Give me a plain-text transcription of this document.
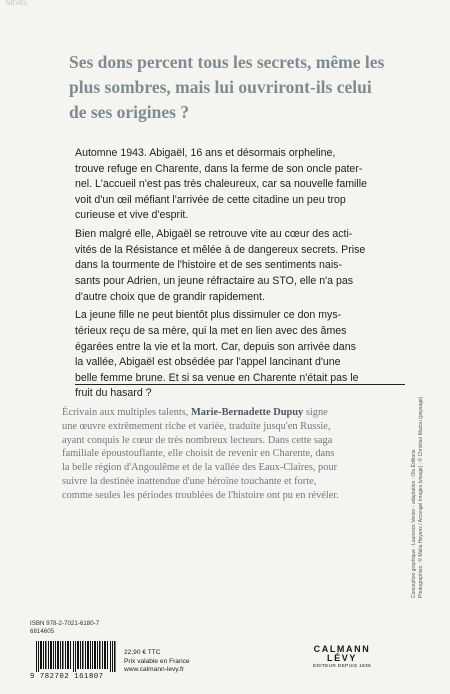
NEVEL
Ses dons percent tous les secrets, même les
plus sombres, mais lui ouvriront-ils celui
de ses origines ?

Automne 1943. Abigaël, 16 ans et désormais orpheline,
trouve refuge en Charente, dans la ferme de son oncle pater-
nel. L'accueil n'est pas très chaleureux, car sa nouvelle famille
voit d'un œil méfiant l'arrivée de cette citadine un peu trop
curieuse et vive d'esprit.

Bien malgré elle, Abigaël se retrouve vite au cœur des acti-
vités de la Résistance et mêlée à de dangereux secrets. Prise
dans la tourmente de l'histoire et de ses sentiments nais-
sants pour Adrien, un jeune réfractaire au STO, elle n'a pas
d'autre choix que de grandir rapidement.

La jeune fille ne peut bientôt plus dissimuler ce don mys-
térieux reçu de sa mère, qui la met en lien avec des âmes
égarées entre la vie et la mort. Car, depuis son arrivée dans
la vallée, Abigaël est obsédée par l'appel lancinant d'une
belle femme brune. Et si sa venue en Charente n'était pas le
fruit du hasard ?

Écrivain aux multiples talents, Marie-Bernadette Dupuy signe
une œuvre extrêmement riche et variée, traduite jusqu'en Russie,
ayant conquis le cœur de très nombreux lecteurs. Dans cette saga
familiale époustouflante, elle choisit de revenir en Charente, dans
la belle région d'Angoulême et de la vallée des Eaux-Claires, pour
suivre la destinée inattendue d'une héroïne touchante et forte,
comme seules les périodes troublées de l'histoire ont pu en révéler.	Conception graphique : Laurence Venier - adaptation : Olo Éditions Photographies : © Malia Heyens / Arcangel Images (visage) ; © Christian Mazou (paysage)
ISBN 978-2-7021-6180-7
6814605
9 782702 161807
22,90 € TTC
Prix valable en France
www.calmann-levy.fr
CALMANN
LÉVY
ÉDITEUR DEPUIS 1836
